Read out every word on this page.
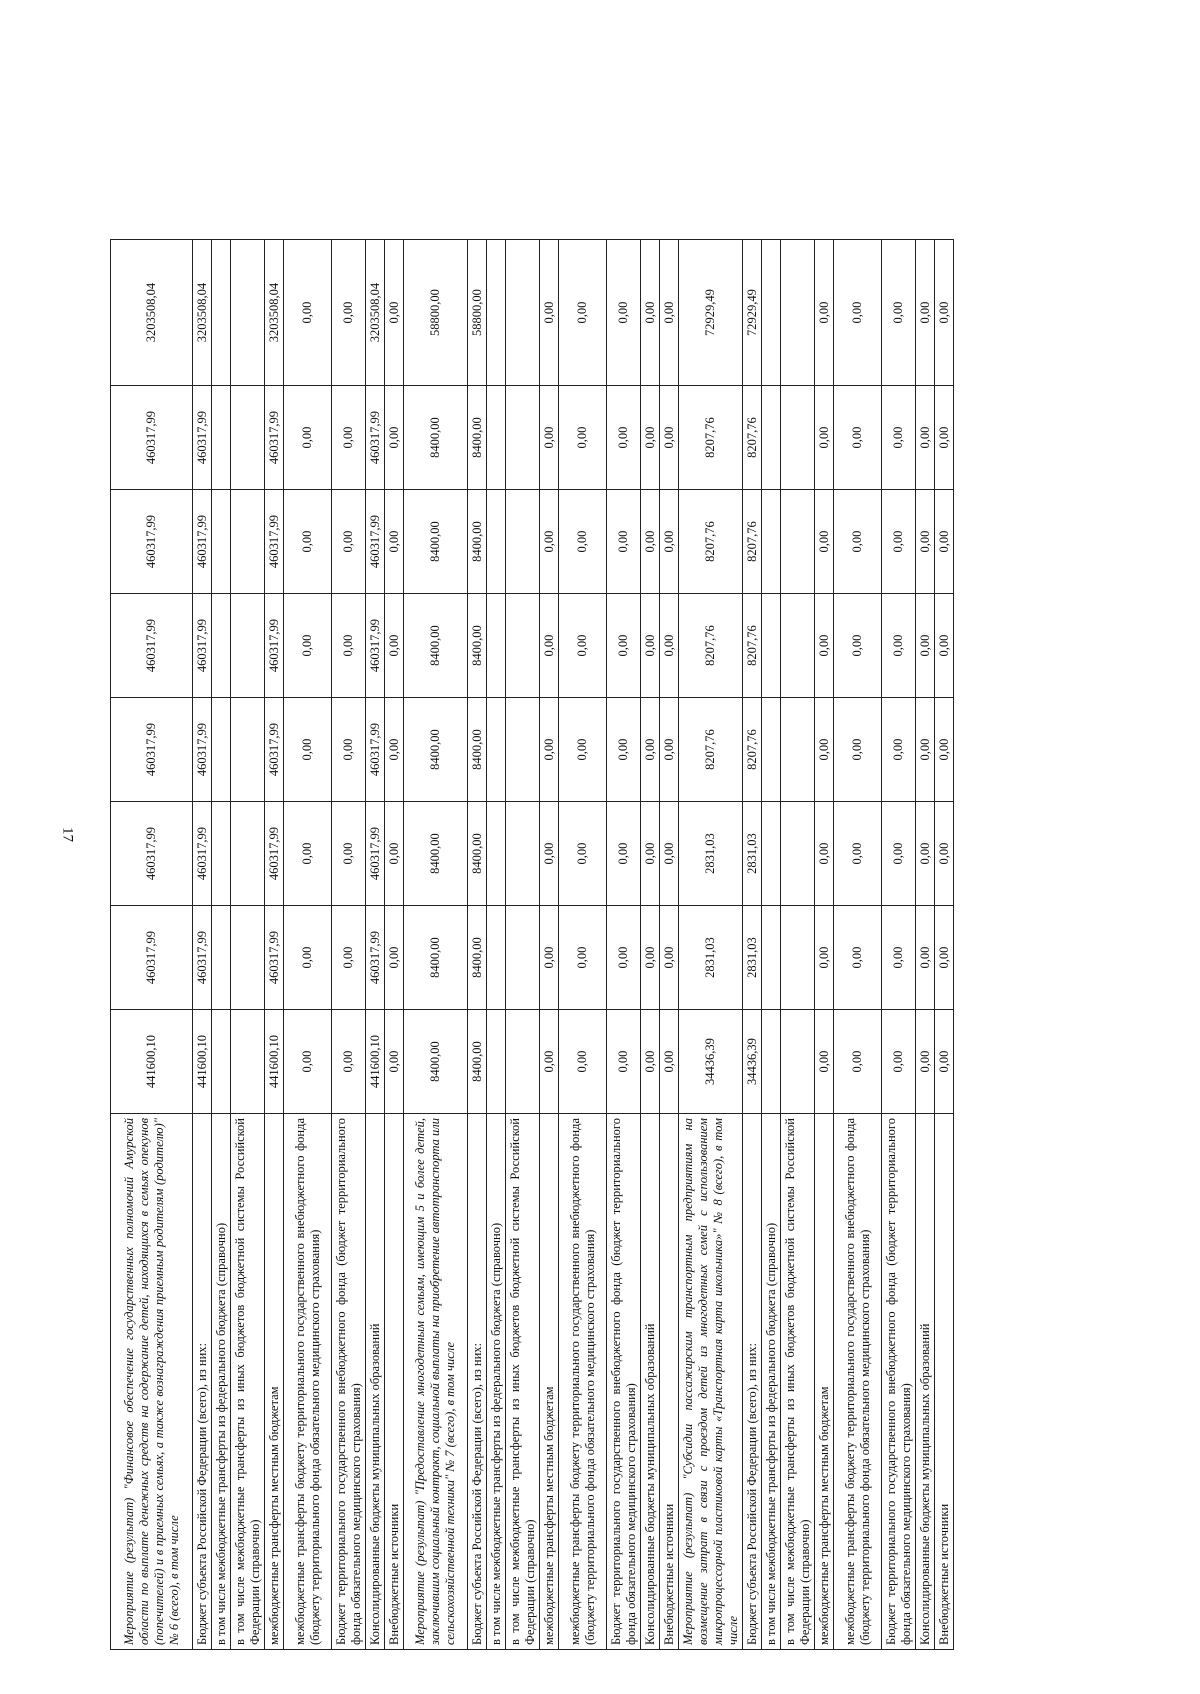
17
Мероприятие (результат) "Финансовое обеспечение государственных полномочий Амурской области по выплате денежных средств на содержание детей, находящихся в семьях опекунов (попечителей) и в приемных семьях, а также вознаграждения приемным родителям (родителю)" № 6 (всего), в том числе	441600,10	460317,99	460317,99	460317,99	460317,99	460317,99	460317,99	3203508,04
Бюджет субъекта Российской Федерации (всего), из них:	441600,10	460317,99	460317,99	460317,99	460317,99	460317,99	460317,99	3203508,04
в том числе межбюджетные трансферты из федерального бюджета (справочно)								
в том числе межбюджетные трансферты из иных бюджетов бюджетной системы Российской Федерации (справочно)								
межбюджетные трансферты местным бюджетам	441600,10	460317,99	460317,99	460317,99	460317,99	460317,99	460317,99	3203508,04
межбюджетные трансферты бюджету территориального государственного внебюджетного фонда (бюджету территориального фонда обязательного медицинского страхования)	0,00	0,00	0,00	0,00	0,00	0,00	0,00	0,00
Бюджет территориального государственного внебюджетного фонда (бюджет территориального фонда обязательного медицинского страхования)	0,00	0,00	0,00	0,00	0,00	0,00	0,00	0,00
Консолидированные бюджеты муниципальных образований	441600,10	460317,99	460317,99	460317,99	460317,99	460317,99	460317,99	3203508,04
Внебюджетные источники	0,00	0,00	0,00	0,00	0,00	0,00	0,00	0,00
Мероприятие (результат) "Предоставление многодетным семьям, имеющим 5 и более детей, заключившим социальный контракт, социальной выплаты на приобретение автотранспорта или сельскохозяйственной техники" № 7 (всего), в том числе	8400,00	8400,00	8400,00	8400,00	8400,00	8400,00	8400,00	58800,00
Бюджет субъекта Российской Федерации (всего), из них:	8400,00	8400,00	8400,00	8400,00	8400,00	8400,00	8400,00	58800,00
в том числе межбюджетные трансферты из федерального бюджета (справочно)								
в том числе межбюджетные трансферты из иных бюджетов бюджетной системы Российской Федерации (справочно)								
межбюджетные трансферты местным бюджетам	0,00	0,00	0,00	0,00	0,00	0,00	0,00	0,00
межбюджетные трансферты бюджету территориального государственного внебюджетного фонда (бюджету территориального фонда обязательного медицинского страхования)	0,00	0,00	0,00	0,00	0,00	0,00	0,00	0,00
Бюджет территориального государственного внебюджетного фонда (бюджет территориального фонда обязательного медицинского страхования)	0,00	0,00	0,00	0,00	0,00	0,00	0,00	0,00
Консолидированные бюджеты муниципальных образований	0,00	0,00	0,00	0,00	0,00	0,00	0,00	0,00
Внебюджетные источники	0,00	0,00	0,00	0,00	0,00	0,00	0,00	0,00
Мероприятие (результат) "Субсидии пассажирским транспортным предприятиям на возмещение затрат в связи с проездом детей из многодетных семей с использованием микропроцессорной пластиковой карты «Транспортная карта школьника»" № 8 (всего), в том числе	34436,39	2831,03	2831,03	8207,76	8207,76	8207,76	8207,76	72929,49
Бюджет субъекта Российской Федерации (всего), из них:	34436,39	2831,03	2831,03	8207,76	8207,76	8207,76	8207,76	72929,49
в том числе межбюджетные трансферты из федерального бюджета (справочно)								
в том числе межбюджетные трансферты из иных бюджетов бюджетной системы Российской Федерации (справочно)								
межбюджетные трансферты местным бюджетам	0,00	0,00	0,00	0,00	0,00	0,00	0,00	0,00
межбюджетные трансферты бюджету территориального государственного внебюджетного фонда (бюджету территориального фонда обязательного медицинского страхования)	0,00	0,00	0,00	0,00	0,00	0,00	0,00	0,00
Бюджет территориального государственного внебюджетного фонда (бюджет территориального фонда обязательного медицинского страхования)	0,00	0,00	0,00	0,00	0,00	0,00	0,00	0,00
Консолидированные бюджеты муниципальных образований	0,00	0,00	0,00	0,00	0,00	0,00	0,00	0,00
Внебюджетные источники	0,00	0,00	0,00	0,00	0,00	0,00	0,00	0,00
